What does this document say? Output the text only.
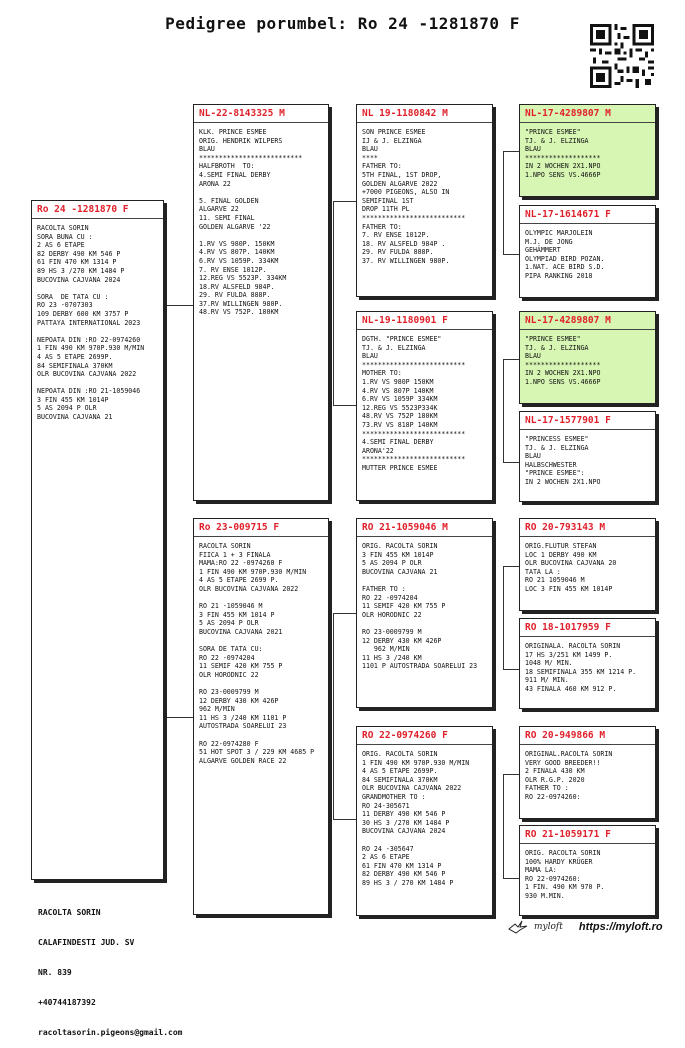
Pedigree porumbel: Ro 24 -1281870 F
Ro 24 -1281870 F
RACOLTA SORIN
SORA BUNA CU :
2 AS 6 ETAPE
82 DERBY 490 KM 546 P
61 FIN 470 KM 1314 P
89 HS 3 /270 KM 1484 P
BUCOVINA CAJVANA 2024

SORA  DE TATA CU :
RO 23 -0707303
109 DERBY 600 KM 3757 P
PATTAYA INTERNATIONAL 2023

NEPOATA DIN :RO 22-0974260
1 FIN 490 KM 970P.930 M/MIN
4 AS 5 ETAPE 2699P.
84 SEMIFINALA 370KM
OLR BUCOVINA CAJVANA 2022

NEPOATA DIN :RO 21-1059046
3 FIN 455 KM 1014P
5 AS 2094 P OLR
BUCOVINA CAJVANA 21
NL-22-8143325 M
KLK. PRINCE ESMEE
ORIG. HENDRIK WILPERS
BLAU
**************************
HALFBROTH  TO:
4.SEMI FINAL DERBY
ARONA 22

5. FINAL GOLDEN
ALGARVE 22
11. SEMI FINAL
GOLDEN ALGARVE '22

1.RV VS 980P. 150KM
4.RV VS 807P. 140KM
6.RV VS 1059P. 334KM
7. RV ENSE 1012P.
12.REG VS 5523P. 334KM
18.RV ALSFELD 984P.
29. RV FULDA 888P.
37.RV WILLINGEN 980P.
48.RV VS 752P. 180KM
Ro 23-009715 F
RACOLTA SORIN
FIICA 1 + 3 FINALA
MAMA:RO 22 -0974260 F
1 FIN 490 KM 970P.930 M/MIN
4 AS 5 ETAPE 2699 P.
OLR BUCOVINA CAJVANA 2022

RO 21 -1059046 M
3 FIN 455 KM 1014 P
5 AS 2094 P OLR
BUCOVINA CAJVANA 2021

SORA DE TATA CU:
RO 22 -0974204
11 SEMIF 420 KM 755 P
OLR HORODNIC 22

RO 23-0009799 M
12 DERBY 430 KM 426P
962 M/MIN
11 HS 3 /240 KM 1101 P
AUTOSTRADA SOARELUI 23

RO 22-0974280 F
51 HOT SPOT 3 / 229 KM 4685 P
ALGARVE GOLDEN RACE 22
NL 19-1180842 M
SON PRINCE ESMEE
IJ & J. ELZINGA
BLAU
****
FATHER TO:
5TH FINAL, 1ST DROP,
GOLDEN ALGARVE 2022
+7000 PIGEONS, ALSO IN
SEMIFINAL 1ST
DROP 11TH PL
**************************
FATHER TO:
7. RV ENSE 1012P.
18. RV ALSFELD 984P .
29. RV FULDA 888P.
37. RV WILLINGEN 980P.
NL-19-1180901 F
DGTH. "PRINCE ESMEE"
TJ. & J. ELZINGA
BLAU
**************************
MOTHER TO:
1.RV VS 980P 150KM
4.RV VS 807P 140KM
6.RV VS 1059P 334KM
12.REG VS 5523P334K
48.RV VS 752P 180KM
73.RV VS 818P 140KM
**************************
4.SEMI FINAL DERBY
ARONA'22
**************************
MUTTER PRINCE ESMEE
RO 21-1059046 M
ORIG. RACOLTA SORIN
3 FIN 455 KM 1014P
5 AS 2094 P OLR
BUCOVINA CAJVANA 21

FATHER TO :
RO 22 -0974204
11 SEMIF 420 KM 755 P
OLR HORODNIC 22

RO 23-0009799 M
12 DERBY 430 KM 426P
962 M/MIN
11 HS 3 /240 KM
1101 P AUTOSTRADA SOARELUI 23
RO 22-0974260 F
ORIG. RACOLTA SORIN
1 FIN 490 KM 970P.930 M/MIN
4 AS 5 ETAPE 2699P.
84 SEMIFINALA 370KM
OLR BUCOVINA CAJVANA 2022
GRANDMOTHER TO :
RO 24-305671
11 DERBY 490 KM 546 P
30 HS 3 /270 KM 1484 P
BUCOVINA CAJVANA 2024

RO 24 -305647
2 AS 6 ETAPE
61 FIN 470 KM 1314 P
82 DERBY 490 KM 546 P
89 HS 3 / 270 KM 1484 P
NL-17-4289807 M
"PRINCE ESMEE"
TJ. & J. ELZINGA
BLAU
*******************
IN 2 WOCHEN 2X1.NPO
1.NPO SENS VS.4666P
NL-17-1614671 F
OLYMPIC MARJOLEIN
M.J. DE JONG
GEHÄMMERT
OLYMPIAD BIRD POZAN.
1.NAT. ACE BIRD S.D.
PIPA RANKING 2018
NL-17-4289807 M
"PRINCE ESMEE"
TJ. & J. ELZINGA
BLAU
*******************
IN 2 WOCHEN 2X1.NPO
1.NPO SENS VS.4666P
NL-17-1577901 F
"PRINCESS ESMEE"
TJ. & J. ELZINGA
BLAU
HALBSCHWESTER
"PRINCE ESMEE":
IN 2 WOCHEN 2X1.NPO
RO 20-793143 M
ORIG.FLUTUR STEFAN
LOC 1 DERBY 490 KM
OLR BUCOVINA CAJVANA 20
TATA LA :
RO 21 1059046 M
LOC 3 FIN 455 KM 1014P
RO 18-1017959 F
ORIGINALA. RACOLTA SORIN
17 HS 3/251 KM 1499 P.
1048 M/ MIN.
18 SEMIFINALA 355 KM 1214 P.
911 M/ MIN.
43 FINALA 460 KM 912 P.
RO 20-949866 M
ORIGINAL.RACOLTA SORIN
VERY GOOD BREEDER!!
2 FINALA 430 KM
OLR R.G.P. 2020
FATHER TO :
RO 22-0974260:
RO 21-1059171 F
ORIG. RACOLTA SORIN
100% HARDY KRÜGER
MAMA LA:
RO 22-0974260:
1 FIN. 490 KM 970 P.
930 M.MIN.

RACOLTA SORIN

CALAFINDESTI JUD. SV

NR. 839

+40744187392

racoltasorin.pigeons@gmail.com

myloft https://myloft.ro
